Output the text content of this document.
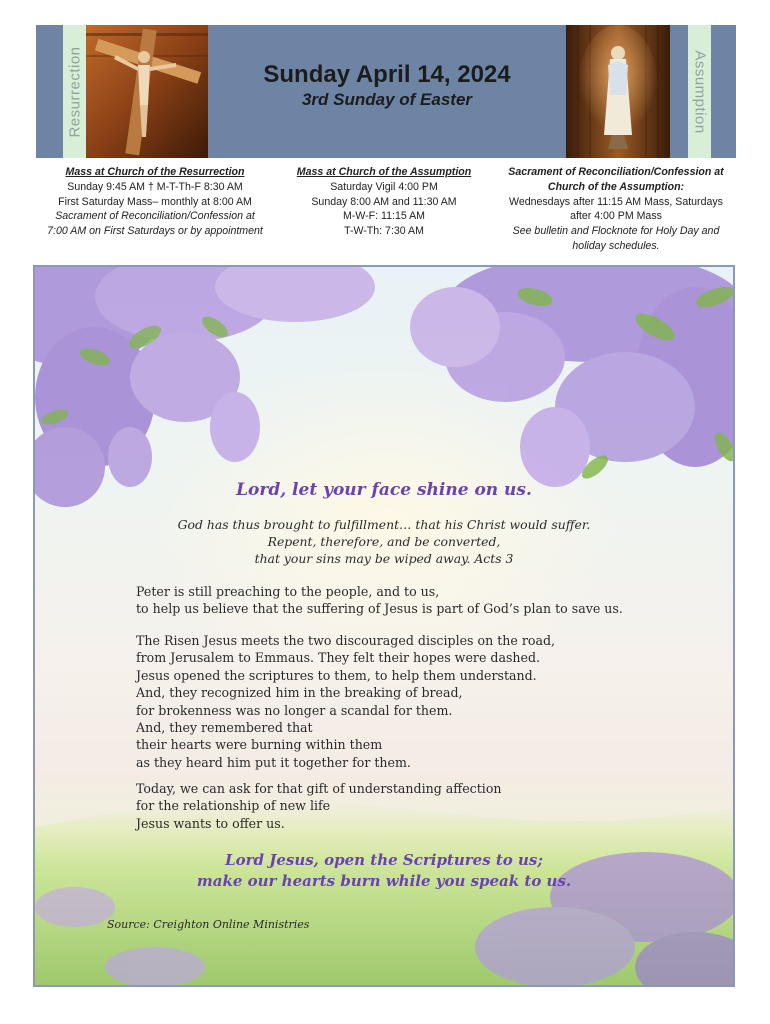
Resurrection	Sunday April 14, 2024
3rd Sunday of Easter	Assumption
Mass at Church of the Resurrection
Sunday 9:45 AM † M-T-Th-F 8:30 AM
First Saturday Mass– monthly at 8:00 AM
Sacrament of Reconciliation/Confession at
7:00 AM on First Saturdays or by appointment
Mass at Church of the Assumption
Saturday Vigil 4:00 PM
Sunday 8:00 AM and 11:30 AM
M-W-F: 11:15 AM
T-W-Th: 7:30 AM
Sacrament of Reconciliation/Confession at
Church of the Assumption:
Wednesdays after 11:15 AM Mass, Saturdays
after 4:00 PM Mass
See bulletin and Flocknote for Holy Day and
holiday schedules.
Lord, let your face shine on us.
God has thus brought to fulfillment… that his Christ would suffer.
Repent, therefore, and be converted,
that your sins may be wiped away. Acts 3
Peter is still preaching to the people, and to us,
to help us believe that the suffering of Jesus is part of God’s plan to save us.
The Risen Jesus meets the two discouraged disciples on the road,
from Jerusalem to Emmaus. They felt their hopes were dashed.
Jesus opened the scriptures to them, to help them understand.
And, they recognized him in the breaking of bread,
for brokenness was no longer a scandal for them.
And, they remembered that
their hearts were burning within them
as they heard him put it together for them.
Today, we can ask for that gift of understanding affection
for the relationship of new life
Jesus wants to offer us.
Lord Jesus, open the Scriptures to us;
make our hearts burn while you speak to us.
Source: Creighton Online Ministries
